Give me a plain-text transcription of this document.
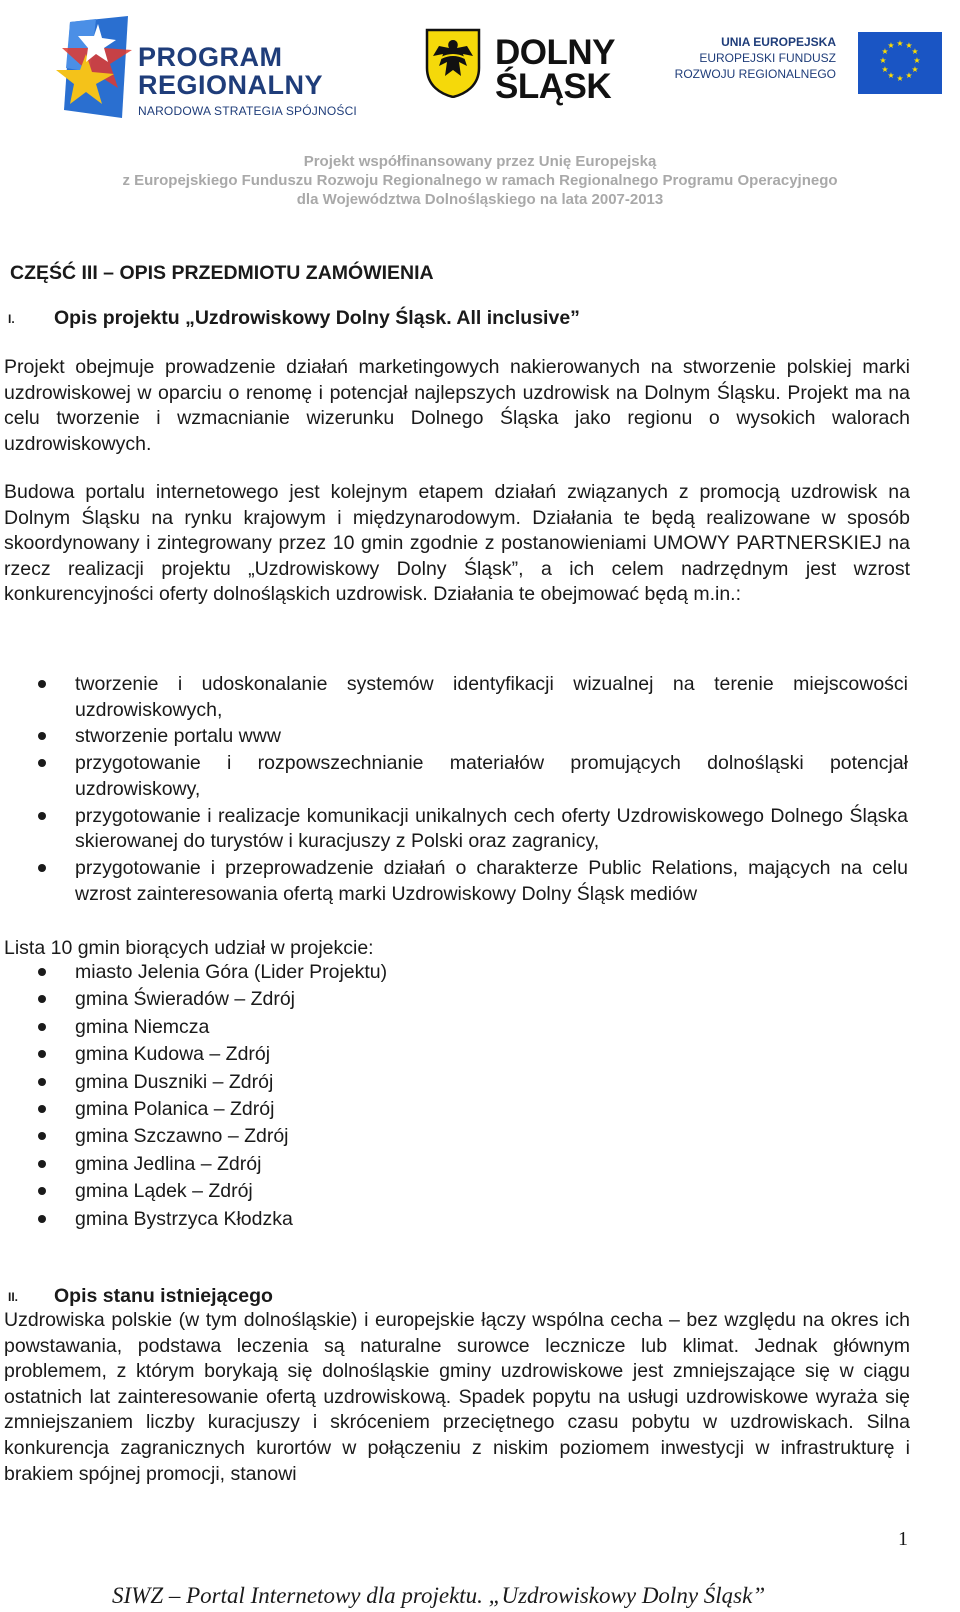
PROGRAM
REGIONALNY
NARODOWA STRATEGIA SPÓJNOŚCI
DOLNY
ŚLĄSK
UNIA EUROPEJSKA
EUROPEJSKI FUNDUSZ
ROZWOJU REGIONALNEGO
★ ★
★
★
★
★
★
★
★
★
★
★
Projekt współfinansowany przez Unię Europejską
z Europejskiego Funduszu Rozwoju Regionalnego w ramach Regionalnego Programu Operacyjnego
dla Województwa Dolnośląskiego na lata 2007-2013
CZĘŚĆ III – OPIS PRZEDMIOTU ZAMÓWIENIA
I. Opis projektu „Uzdrowiskowy Dolny Śląsk. All inclusive”
Projekt obejmuje prowadzenie działań marketingowych nakierowanych na stworzenie polskiej marki uzdrowiskowej w oparciu o renomę i potencjał najlepszych uzdrowisk na Dolnym Śląsku. Projekt ma na celu tworzenie i wzmacnianie wizerunku Dolnego Śląska jako regionu o wysokich walorach uzdrowiskowych.
Budowa portalu internetowego jest kolejnym etapem działań związanych z promocją uzdrowisk na Dolnym Śląsku na rynku krajowym i międzynarodowym. Działania te będą realizowane w sposób skoordynowany i zintegrowany przez 10 gmin zgodnie z postanowieniami UMOWY PARTNERSKIEJ na rzecz realizacji projektu „Uzdrowiskowy Dolny Śląsk”, a ich celem nadrzędnym jest wzrost konkurencyjności oferty dolnośląskich uzdrowisk. Działania te obejmować będą m.in.:
tworzenie i udoskonalanie systemów identyfikacji wizualnej na terenie miejscowości uzdrowiskowych,
stworzenie portalu www
przygotowanie i rozpowszechnianie materiałów promujących dolnośląski potencjał uzdrowiskowy,
przygotowanie i realizacje komunikacji unikalnych cech oferty Uzdrowiskowego Dolnego Śląska skierowanej do turystów i kuracjuszy z Polski oraz zagranicy,
przygotowanie i przeprowadzenie działań o charakterze Public Relations, mających na celu wzrost zainteresowania ofertą marki Uzdrowiskowy Dolny Śląsk mediów
Lista 10 gmin biorących udział w projekcie:
miasto Jelenia Góra (Lider Projektu)
gmina Świeradów – Zdrój
gmina Niemcza
gmina Kudowa – Zdrój
gmina Duszniki – Zdrój
gmina Polanica – Zdrój
gmina Szczawno – Zdrój
gmina Jedlina – Zdrój
gmina Lądek – Zdrój
gmina Bystrzyca Kłodzka
II. Opis stanu istniejącego
Uzdrowiska polskie (w tym dolnośląskie) i europejskie łączy wspólna cecha – bez względu na okres ich powstawania, podstawa leczenia są naturalne surowce lecznicze lub klimat. Jednak głównym problemem, z którym borykają się dolnośląskie gminy uzdrowiskowe jest zmniejszające się w ciągu ostatnich lat zainteresowanie ofertą uzdrowiskową. Spadek popytu na usługi uzdrowiskowe wyraża się zmniejszaniem liczby kuracjuszy i skróceniem przeciętnego czasu pobytu w uzdrowiskach. Silna konkurencja zagranicznych kurortów w połączeniu z niskim poziomem inwestycji w infrastrukturę i brakiem spójnej promocji, stanowi
1
SIWZ – Portal Internetowy dla projektu. „Uzdrowiskowy Dolny Śląsk”
